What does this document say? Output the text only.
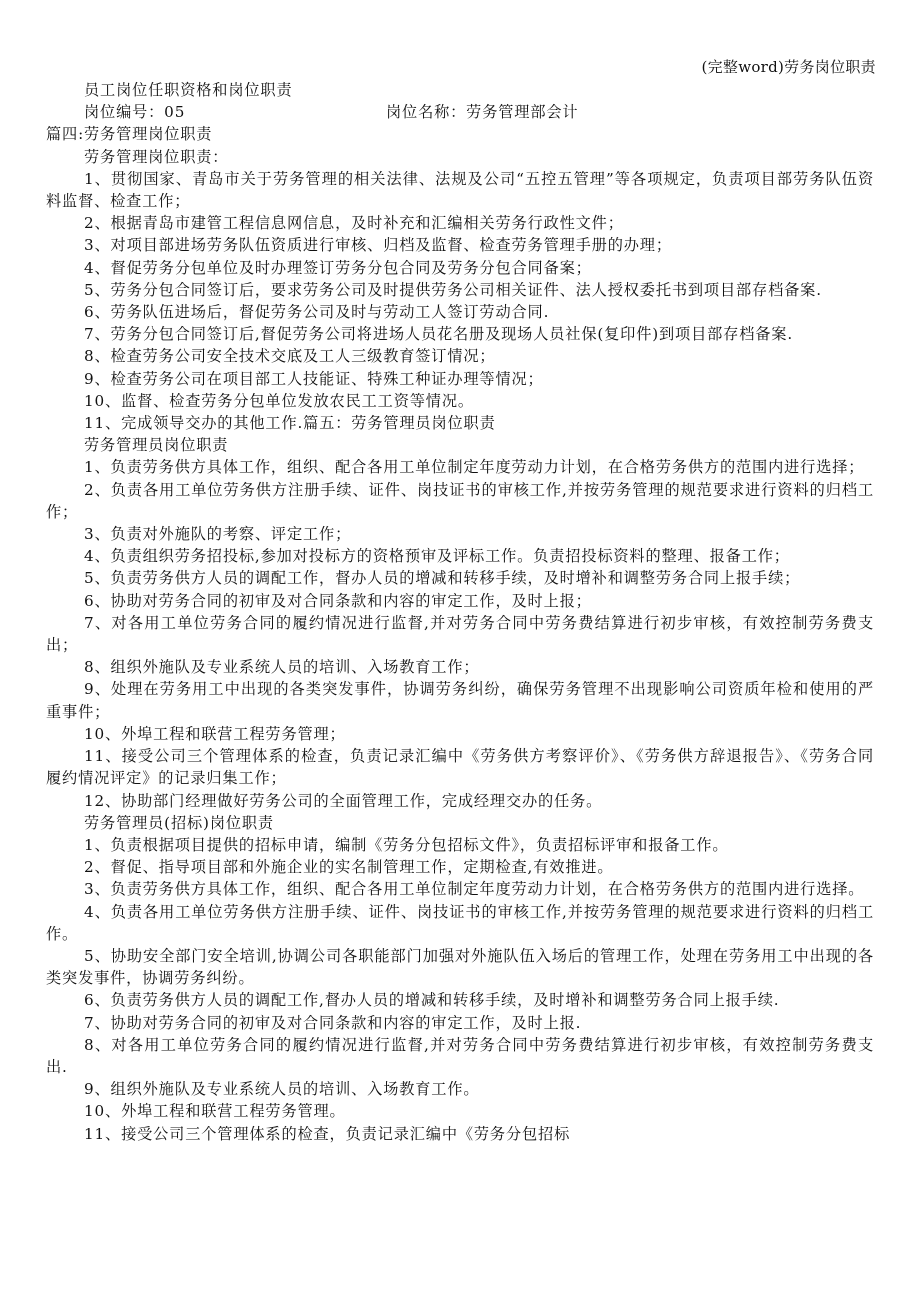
(完整word)劳务岗位职责
员工岗位任职资格和岗位职责
岗位编号：05	岗位名称：劳务管理部会计
篇四:劳务管理岗位职责
劳务管理岗位职责：
1、贯彻国家、青岛市关于劳务管理的相关法律、法规及公司“五控五管理”等各项规定，负责项目部劳务队伍资料监督、检查工作；
2、根据青岛市建管工程信息网信息，及时补充和汇编相关劳务行政性文件；
3、对项目部进场劳务队伍资质进行审核、归档及监督、检查劳务管理手册的办理；
4、督促劳务分包单位及时办理签订劳务分包合同及劳务分包合同备案；
5、劳务分包合同签订后，要求劳务公司及时提供劳务公司相关证件、法人授权委托书到项目部存档备案.
6、劳务队伍进场后，督促劳务公司及时与劳动工人签订劳动合同.
7、劳务分包合同签订后,督促劳务公司将进场人员花名册及现场人员社保(复印件)到项目部存档备案.
8、检查劳务公司安全技术交底及工人三级教育签订情况；
9、检查劳务公司在项目部工人技能证、特殊工种证办理等情况；
10、监督、检查劳务分包单位发放农民工工资等情况。
11、完成领导交办的其他工作.篇五：劳务管理员岗位职责
劳务管理员岗位职责
1、负责劳务供方具体工作，组织、配合各用工单位制定年度劳动力计划，在合格劳务供方的范围内进行选择；
2、负责各用工单位劳务供方注册手续、证件、岗技证书的审核工作,并按劳务管理的规范要求进行资料的归档工作；
3、负责对外施队的考察、评定工作；
4、负责组织劳务招投标,参加对投标方的资格预审及评标工作。负责招投标资料的整理、报备工作；
5、负责劳务供方人员的调配工作，督办人员的增减和转移手续，及时增补和调整劳务合同上报手续；
6、协助对劳务合同的初审及对合同条款和内容的审定工作，及时上报；
7、对各用工单位劳务合同的履约情况进行监督,并对劳务合同中劳务费结算进行初步审核，有效控制劳务费支出；
8、组织外施队及专业系统人员的培训、入场教育工作；
9、处理在劳务用工中出现的各类突发事件，协调劳务纠纷，确保劳务管理不出现影响公司资质年检和使用的严重事件；
10、外埠工程和联营工程劳务管理；
11、接受公司三个管理体系的检查，负责记录汇编中《劳务供方考察评价》、《劳务供方辞退报告》、《劳务合同履约情况评定》的记录归集工作；
12、协助部门经理做好劳务公司的全面管理工作，完成经理交办的任务。
劳务管理员(招标)岗位职责
1、负责根据项目提供的招标申请，编制《劳务分包招标文件》，负责招标评审和报备工作。
2、督促、指导项目部和外施企业的实名制管理工作，定期检查,有效推进。
3、负责劳务供方具体工作，组织、配合各用工单位制定年度劳动力计划，在合格劳务供方的范围内进行选择。
4、负责各用工单位劳务供方注册手续、证件、岗技证书的审核工作,并按劳务管理的规范要求进行资料的归档工作。
5、协助安全部门安全培训,协调公司各职能部门加强对外施队伍入场后的管理工作，处理在劳务用工中出现的各类突发事件，协调劳务纠纷。
6、负责劳务供方人员的调配工作,督办人员的增减和转移手续，及时增补和调整劳务合同上报手续.
7、协助对劳务合同的初审及对合同条款和内容的审定工作，及时上报.
8、对各用工单位劳务合同的履约情况进行监督,并对劳务合同中劳务费结算进行初步审核，有效控制劳务费支出.
9、组织外施队及专业系统人员的培训、入场教育工作。
10、外埠工程和联营工程劳务管理。
11、接受公司三个管理体系的检查，负责记录汇编中《劳务分包招标
